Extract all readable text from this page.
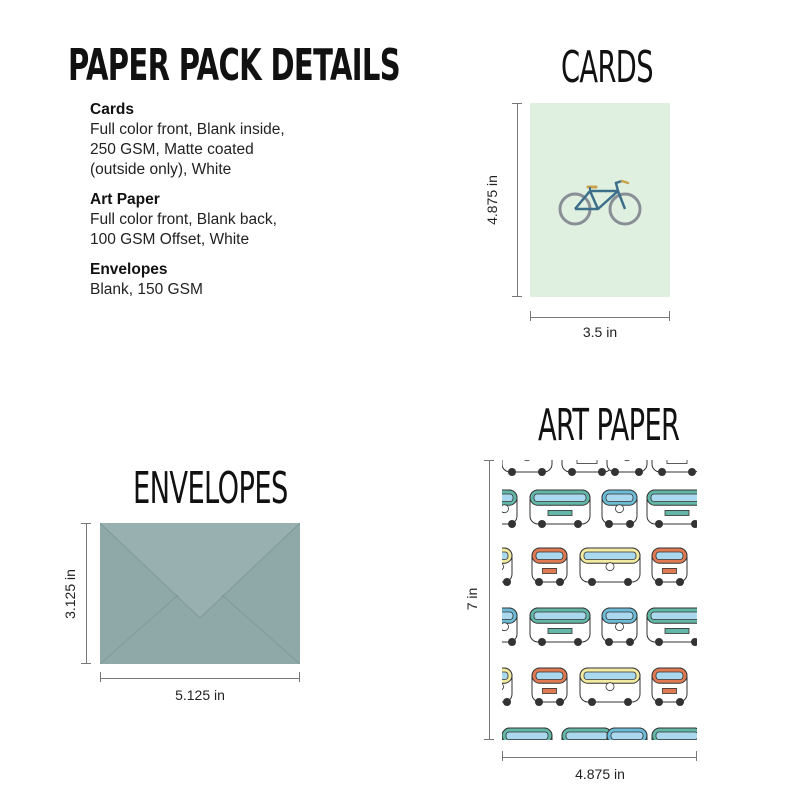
PAPER PACK DETAILS
Cards
Full color front, Blank inside,
250 GSM, Matte coated
(outside only), White
Art Paper
Full color front, Blank back,
100 GSM Offset, White
Envelopes
Blank, 150 GSM
CARDS
4.875 in
3.5 in
ENVELOPES
3.125 in
5.125 in
ART PAPER
7 in
4.875 in
